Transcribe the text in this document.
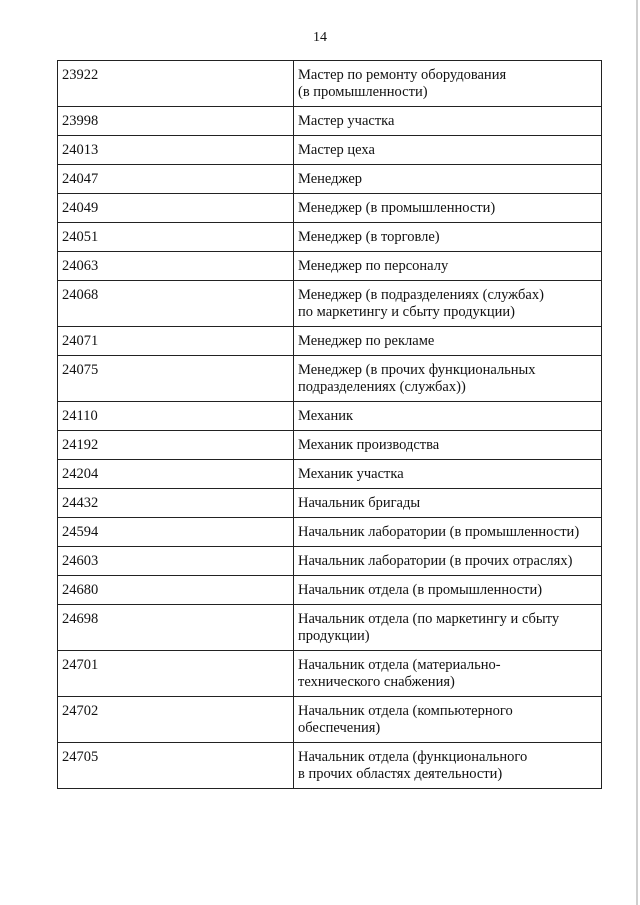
14
23922	Мастер по ремонту оборудования
(в промышленности)

23998	Мастер участка

24013	Мастер цеха

24047	Менеджер

24049	Менеджер (в промышленности)

24051	Менеджер (в торговле)

24063	Менеджер по персоналу

24068	Менеджер (в подразделениях (службах)
по маркетингу и сбыту продукции)

24071	Менеджер по рекламе

24075	Менеджер (в прочих функциональных
подразделениях (службах))

24110	Механик

24192	Механик производства

24204	Механик участка

24432	Начальник бригады

24594	Начальник лаборатории (в промышленности)

24603	Начальник лаборатории (в прочих отраслях)

24680	Начальник отдела (в промышленности)

24698	Начальник отдела (по маркетингу и сбыту
продукции)

24701	Начальник отдела (материально-
технического снабжения)

24702	Начальник отдела (компьютерного
обеспечения)

24705	Начальник отдела (функционального
в прочих областях деятельности)
